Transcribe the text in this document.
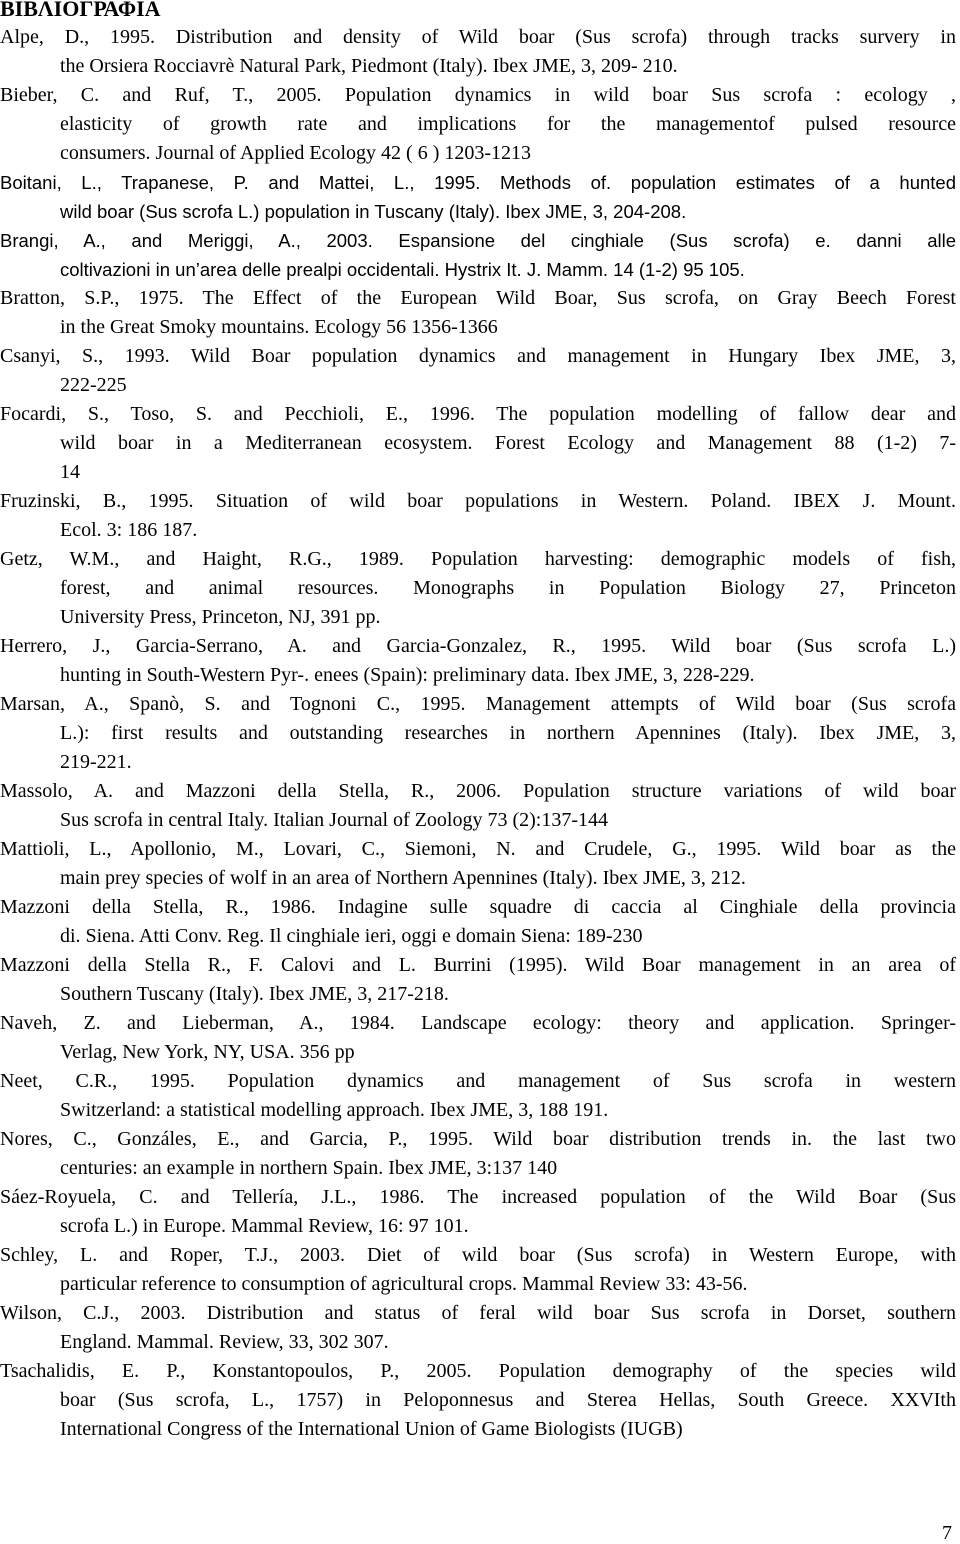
ΒΙΒΛΙΟΓΡΑΦΙΑ
Alpe, D., 1995. Distribution and density of Wild boar (Sus scrofa) through tracks survery in
the Orsiera Rocciavrè Natural Park, Piedmont (Italy). Ibex JME, 3, 209- 210.
Bieber, C. and Ruf, T., 2005. Population dynamics in wild boar Sus scrofa : ecology ,
elasticity of growth rate and implications for the managementof pulsed resource
consumers. Journal of Applied Ecology 42 ( 6 ) 1203-1213
Boitani, L., Trapanese, P. and Mattei, L., 1995. Methods of. population estimates of a hunted
wild boar (Sus scrofa L.) population in Tuscany (Italy). Ibex JME, 3, 204-208.
Brangi, A., and Meriggi, A., 2003. Espansione del cinghiale (Sus scrofa) e. danni alle
coltivazioni in un’area delle prealpi occidentali. Hystrix It. J. Mamm. 14 (1-2) 95 105.
Bratton, S.P., 1975. The Effect of the European Wild Boar, Sus scrofa, on Gray Beech Forest
in the Great Smoky mountains. Ecology 56 1356-1366
Csanyi, S., 1993. Wild Boar population dynamics and management in Hungary Ibex JME, 3,
222-225
Focardi, S., Toso, S. and Pecchioli, E., 1996. The population modelling of fallow dear and
wild boar in a Mediterranean ecosystem. Forest Ecology and Management 88 (1-2) 7-
14
Fruzinski, B., 1995. Situation of wild boar populations in Western. Poland. IBEX J. Mount.
Ecol. 3: 186 187.
Getz, W.M., and Haight, R.G., 1989. Population harvesting: demographic models of fish,
forest, and animal resources. Monographs in Population Biology 27, Princeton
University Press, Princeton, NJ, 391 pp.
Herrero, J., Garcia-Serrano, A. and Garcia-Gonzalez, R., 1995. Wild boar (Sus scrofa L.)
hunting in South-Western Pyr-. enees (Spain): preliminary data. Ibex JME, 3, 228-229.
Marsan, A., Spanò, S. and Tognoni C., 1995. Management attempts of Wild boar (Sus scrofa
L.): first results and outstanding researches in northern Apennines (Italy). Ibex JME, 3,
219-221.
Massolo, A. and Mazzoni della Stella, R., 2006. Population structure variations of wild boar
Sus scrofa in central Italy. Italian Journal of Zoology 73 (2):137-144
Mattioli, L., Apollonio, M., Lovari, C., Siemoni, N. and Crudele, G., 1995. Wild boar as the
main prey species of wolf in an area of Northern Apennines (Italy). Ibex JME, 3, 212.
Mazzoni della Stella, R., 1986. Indagine sulle squadre di caccia al Cinghiale della provincia
di. Siena. Atti Conv. Reg. Il cinghiale ieri, oggi e domain Siena: 189-230
Mazzoni della Stella R., F. Calovi and L. Burrini (1995). Wild Boar management in an area of
Southern Tuscany (Italy). Ibex JME, 3, 217-218.
Naveh, Z. and Lieberman, A., 1984. Landscape ecology: theory and application. Springer-
Verlag, New York, NY, USA. 356 pp
Neet, C.R., 1995. Population dynamics and management of Sus scrofa in western
Switzerland: a statistical modelling approach. Ibex JME, 3, 188 191.
Nores, C., Gonzáles, E., and Garcia, P., 1995. Wild boar distribution trends in. the last two
centuries: an example in northern Spain. Ibex JME, 3:137 140
Sáez-Royuela, C. and Tellería, J.L., 1986. The increased population of the Wild Boar (Sus
scrofa L.) in Europe. Mammal Review, 16: 97 101.
Schley, L. and Roper, T.J., 2003. Diet of wild boar (Sus scrofa) in Western Europe, with
particular reference to consumption of agricultural crops. Mammal Review 33: 43-56.
Wilson, C.J., 2003. Distribution and status of feral wild boar Sus scrofa in Dorset, southern
England. Mammal. Review, 33, 302 307.
Tsachalidis, E. P., Konstantopoulos, P., 2005. Population demography of the species wild
boar (Sus scrofa, L., 1757) in Peloponnesus and Sterea Hellas, South Greece. XXVIth
International Congress of the International Union of Game Biologists (IUGB)
7
